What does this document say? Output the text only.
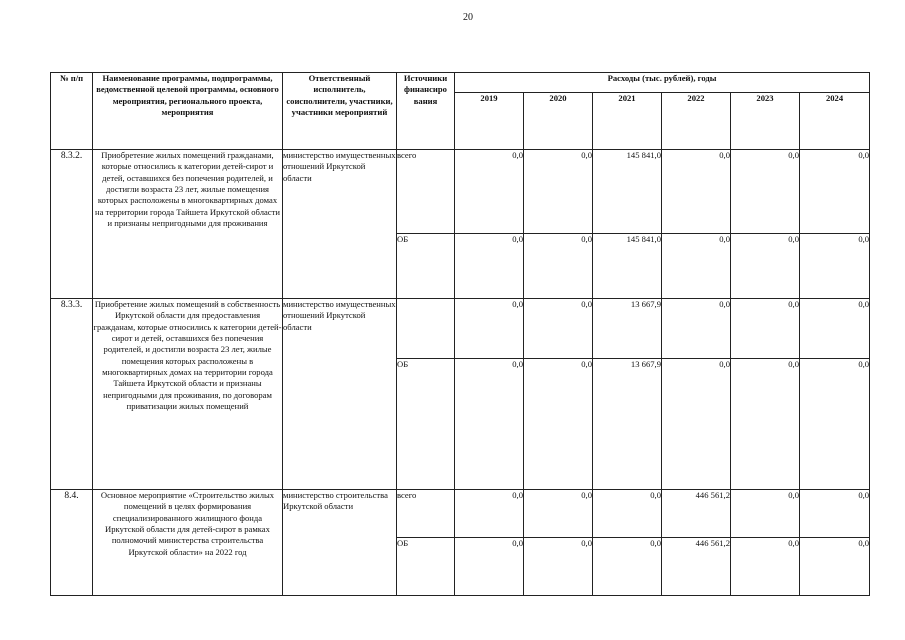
20
№ п/п	Наименование программы, подпрограммы, ведомственной целевой программы, основного мероприятия, регионального проекта, мероприятия	Ответственный исполнитель, соисполнители, участники, участники мероприятий	Источники финансиро вания	Расходы (тыс. рублей), годы					
				2019	2020	2021	2022	2023	2024
8.3.2.	Приобретение жилых помещений гражданами, которые относились к категории детей-сирот и детей, оставшихся без попечения родителей, и достигли возраста 23 лет, жилые помещения которых расположены в многоквартирных домах на территории города Тайшета Иркутской области и признаны непригодными для проживания	министерство имущественных отношений Иркутской области	всего	0,0	0,0	145 841,0	0,0	0,0	0,0
			ОБ	0,0	0,0	145 841,0	0,0	0,0	0,0
8.3.3.	Приобретение жилых помещений в собственность Иркутской области для предоставления гражданам, которые относились к категории детей-сирот и детей, оставшихся без попечения родителей, и достигли возраста 23 лет, жилые помещения которых расположены в многоквартирных домах на территории города Тайшета Иркутской области и признаны непригодными для проживания, по договорам приватизации жилых помещений	министерство имущественных отношений Иркутской области		0,0	0,0	13 667,9	0,0	0,0	0,0
			ОБ	0,0	0,0	13 667,9	0,0	0,0	0,0
8.4.	Основное мероприятие «Строительство жилых помещений в целях формирования специализированного жилищного фонда Иркутской области для детей-сирот в рамках полномочий министерства строительства Иркутской области» на 2022 год	министерство строительства Иркутской области	всего	0,0	0,0	0,0	446 561,2	0,0	0,0
			ОБ	0,0	0,0	0,0	446 561,2	0,0	0,0
